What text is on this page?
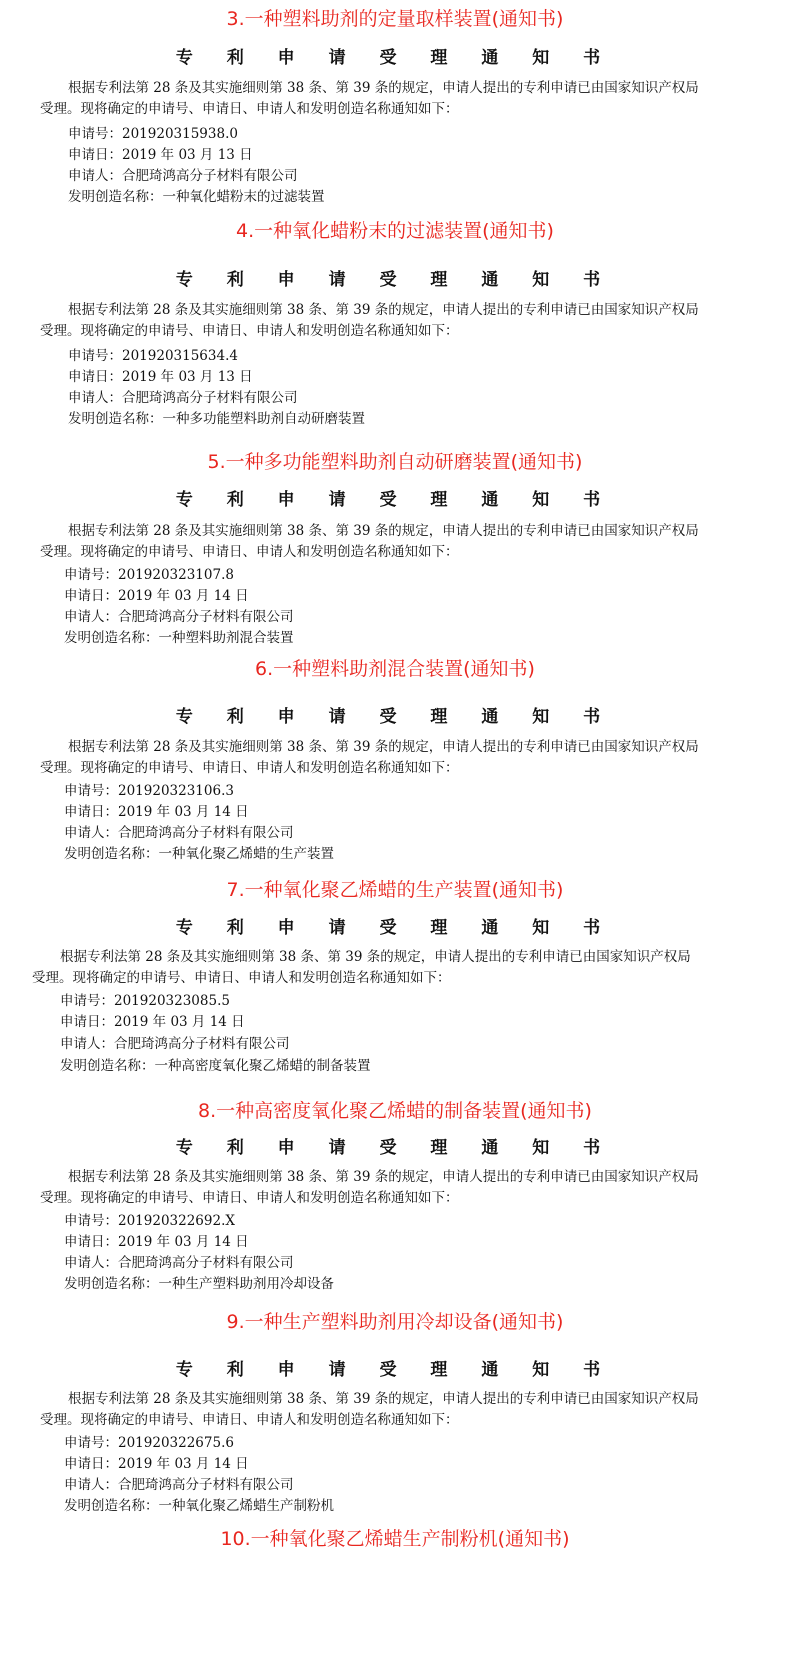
3.一种塑料助剂的定量取样装置(通知书)
专 利 申 请 受 理 通 知 书
根据专利法第 28 条及其实施细则第 38 条、第 39 条的规定，申请人提出的专利申请已由国家知识产权局
受理。现将确定的申请号、申请日、申请人和发明创造名称通知如下：
申请号：201920315938.0
申请日：2019 年 03 月 13 日
申请人：合肥琦鸿高分子材料有限公司
发明创造名称：一种氧化蜡粉末的过滤装置
4.一种氧化蜡粉末的过滤装置(通知书)
专 利 申 请 受 理 通 知 书
根据专利法第 28 条及其实施细则第 38 条、第 39 条的规定，申请人提出的专利申请已由国家知识产权局
受理。现将确定的申请号、申请日、申请人和发明创造名称通知如下：
申请号：201920315634.4
申请日：2019 年 03 月 13 日
申请人：合肥琦鸿高分子材料有限公司
发明创造名称：一种多功能塑料助剂自动研磨装置
5.一种多功能塑料助剂自动研磨装置(通知书)
专 利 申 请 受 理 通 知 书
根据专利法第 28 条及其实施细则第 38 条、第 39 条的规定，申请人提出的专利申请已由国家知识产权局
受理。现将确定的申请号、申请日、申请人和发明创造名称通知如下：
申请号：201920323107.8
申请日：2019 年 03 月 14 日
申请人：合肥琦鸿高分子材料有限公司
发明创造名称：一种塑料助剂混合装置
6.一种塑料助剂混合装置(通知书)
专 利 申 请 受 理 通 知 书
根据专利法第 28 条及其实施细则第 38 条、第 39 条的规定，申请人提出的专利申请已由国家知识产权局
受理。现将确定的申请号、申请日、申请人和发明创造名称通知如下：
申请号：201920323106.3
申请日：2019 年 03 月 14 日
申请人：合肥琦鸿高分子材料有限公司
发明创造名称：一种氧化聚乙烯蜡的生产装置
7.一种氧化聚乙烯蜡的生产装置(通知书)
专 利 申 请 受 理 通 知 书
根据专利法第 28 条及其实施细则第 38 条、第 39 条的规定，申请人提出的专利申请已由国家知识产权局
受理。现将确定的申请号、申请日、申请人和发明创造名称通知如下：
申请号：201920323085.5
申请日：2019 年 03 月 14 日
申请人：合肥琦鸿高分子材料有限公司
发明创造名称：一种高密度氧化聚乙烯蜡的制备装置
8.一种高密度氧化聚乙烯蜡的制备装置(通知书)
专 利 申 请 受 理 通 知 书
根据专利法第 28 条及其实施细则第 38 条、第 39 条的规定，申请人提出的专利申请已由国家知识产权局
受理。现将确定的申请号、申请日、申请人和发明创造名称通知如下：
申请号：201920322692.X
申请日：2019 年 03 月 14 日
申请人：合肥琦鸿高分子材料有限公司
发明创造名称：一种生产塑料助剂用冷却设备
9.一种生产塑料助剂用冷却设备(通知书)
专 利 申 请 受 理 通 知 书
根据专利法第 28 条及其实施细则第 38 条、第 39 条的规定，申请人提出的专利申请已由国家知识产权局
受理。现将确定的申请号、申请日、申请人和发明创造名称通知如下：
申请号：201920322675.6
申请日：2019 年 03 月 14 日
申请人：合肥琦鸿高分子材料有限公司
发明创造名称：一种氧化聚乙烯蜡生产制粉机
10.一种氧化聚乙烯蜡生产制粉机(通知书)
